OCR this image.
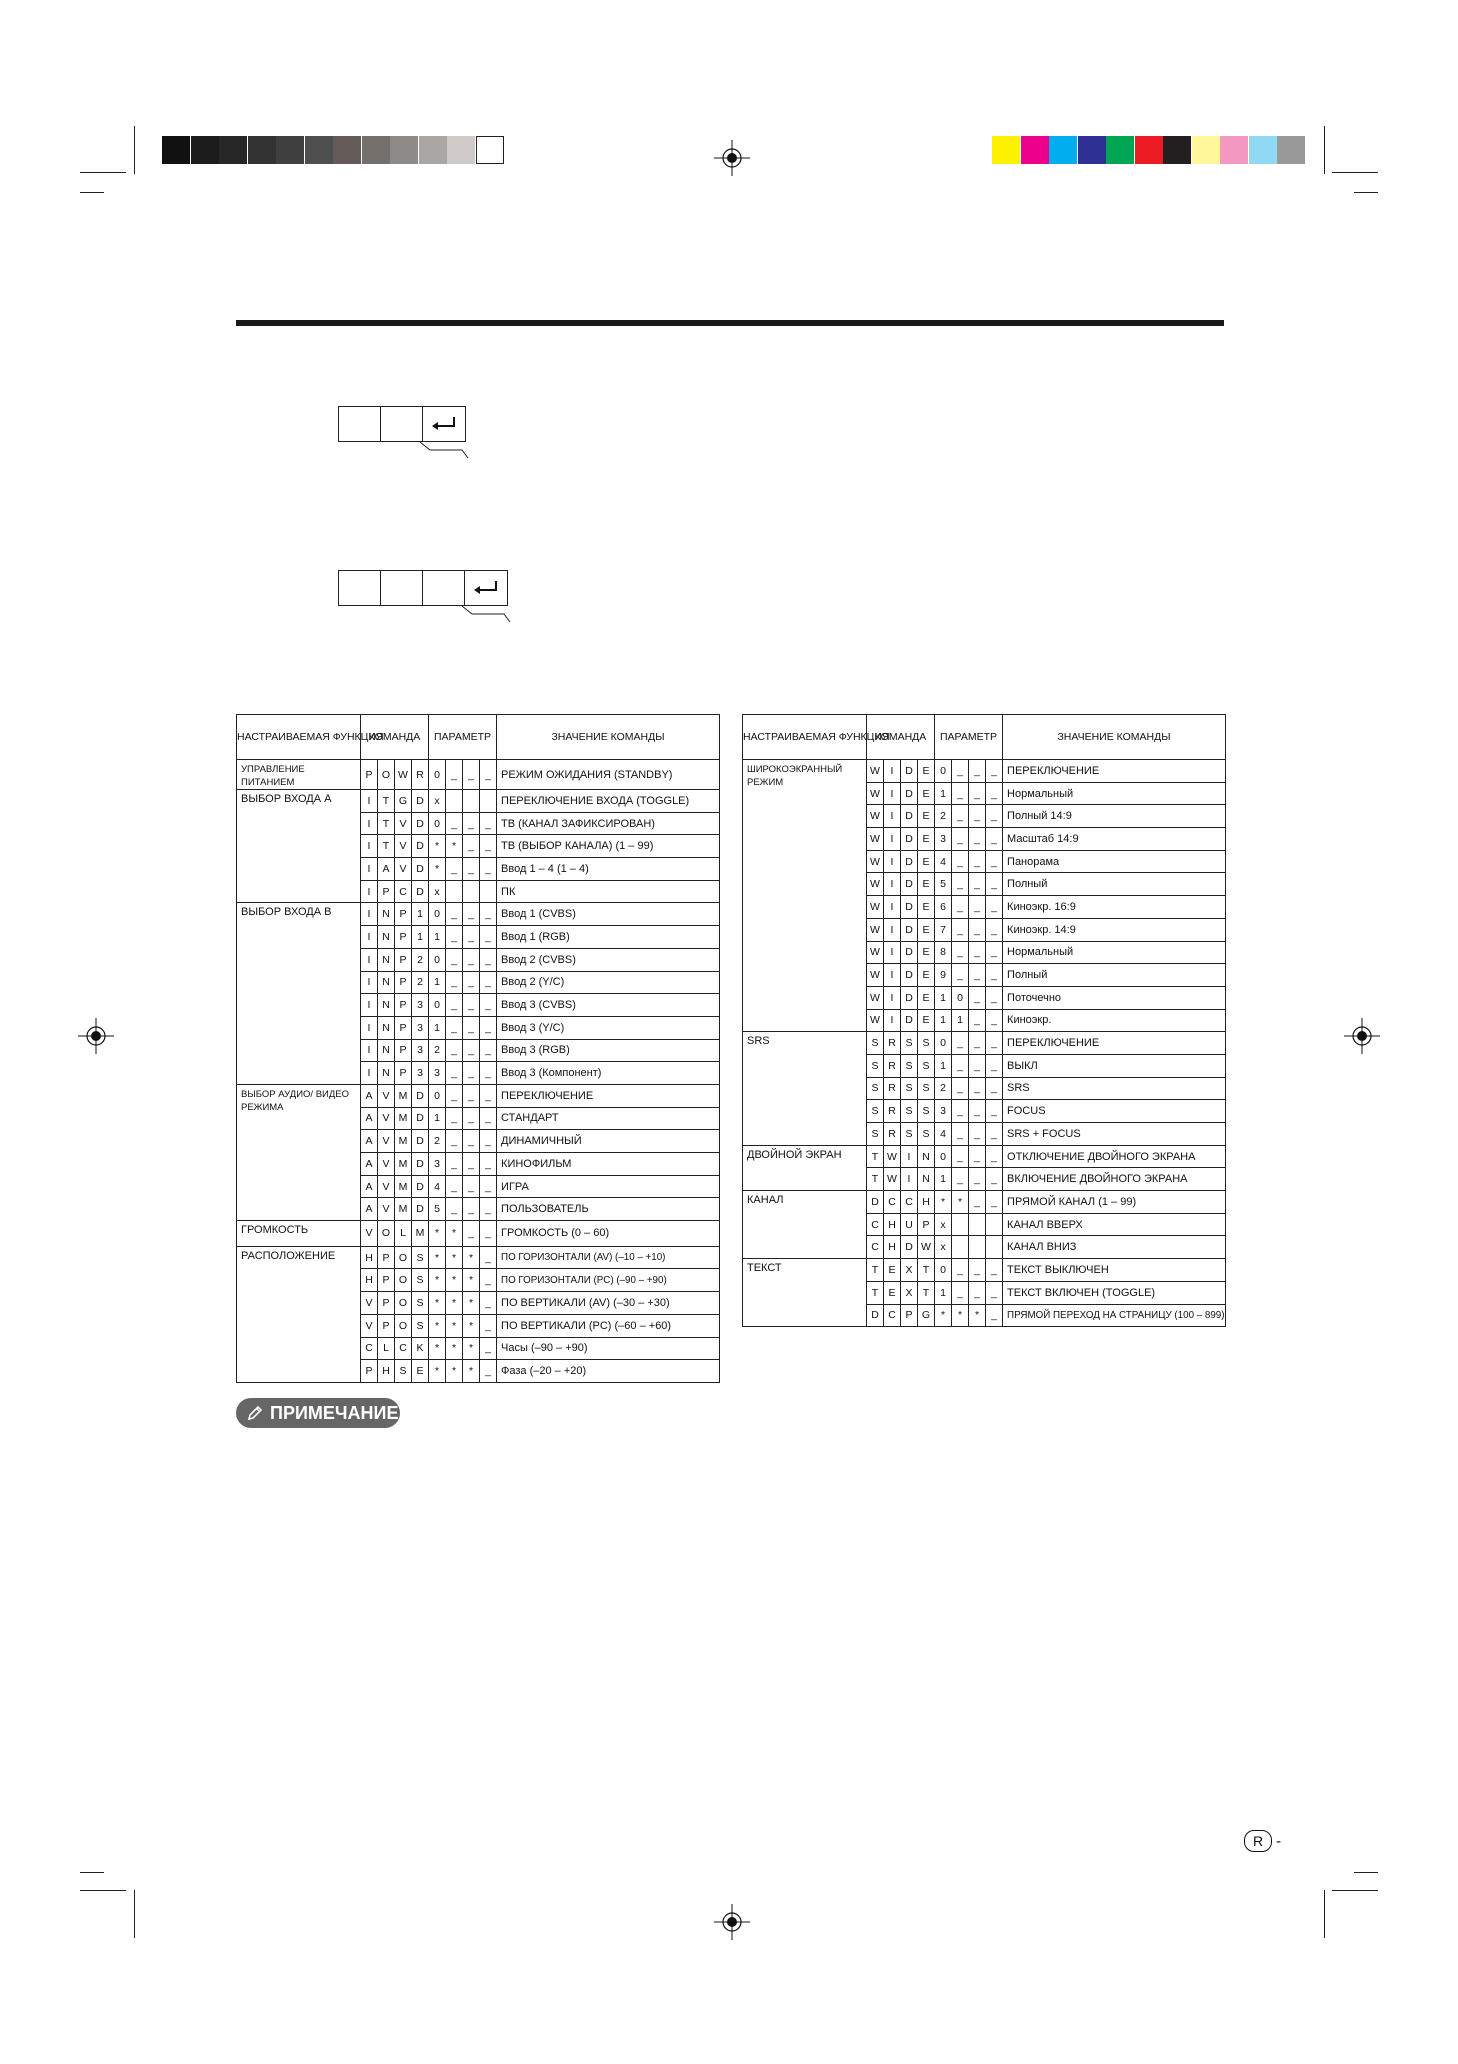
НАСТРАИВАЕМАЯ ФУНКЦИЯ	КОМАНДА				ПАРАМЕТР				ЗНАЧЕНИЕ КОМАНДЫ
УПРАВЛЕНИЕ ПИТАНИЕМ	P	O	W	R	0	_	_	_	РЕЖИМ ОЖИДАНИЯ (STANDBY)
ВЫБОР ВХОДА A	I	T	G	D	x				ПЕРЕКЛЮЧЕНИЕ ВХОДА (TOGGLE)
	I	T	V	D	0	_	_	_	ТВ (КАНАЛ ЗАФИКСИРОВАН)
	I	T	V	D	*	*	_	_	ТВ (ВЫБОР КАНАЛА) (1 – 99)
	I	A	V	D	*	_	_	_	Ввод 1 – 4 (1 – 4)
	I	P	C	D	x				ПК
ВЫБОР ВХОДА B	I	N	P	1	0	_	_	_	Ввод 1 (CVBS)
	I	N	P	1	1	_	_	_	Ввод 1 (RGB)
	I	N	P	2	0	_	_	_	Ввод 2 (CVBS)
	I	N	P	2	1	_	_	_	Ввод 2 (Y/C)
	I	N	P	3	0	_	_	_	Ввод 3 (CVBS)
	I	N	P	3	1	_	_	_	Ввод 3 (Y/C)
	I	N	P	3	2	_	_	_	Ввод 3 (RGB)
	I	N	P	3	3	_	_	_	Ввод 3 (Компонент)
ВЫБОР АУДИО/ ВИДЕО РЕЖИМА	A	V	M	D	0	_	_	_	ПЕРЕКЛЮЧЕНИЕ
	A	V	M	D	1	_	_	_	СТАНДАРТ
	A	V	M	D	2	_	_	_	ДИНАМИЧНЫЙ
	A	V	M	D	3	_	_	_	КИНОФИЛЬМ
	A	V	M	D	4	_	_	_	ИГРА
	A	V	M	D	5	_	_	_	ПОЛЬЗОВАТЕЛЬ
ГРОМКОСТЬ	V	O	L	M	*	*	_	_	ГРОМКОСТЬ (0 – 60)
РАСПОЛОЖЕНИЕ	H	P	O	S	*	*	*	_	ПО ГОРИЗОНТАЛИ (AV) (–10 – +10)
	H	P	O	S	*	*	*	_	ПО ГОРИЗОНТАЛИ (PC) (–90 – +90)
	V	P	O	S	*	*	*	_	ПО ВЕРТИКАЛИ (AV) (–30 – +30)
	V	P	O	S	*	*	*	_	ПО ВЕРТИКАЛИ (PC) (–60 – +60)
	C	L	C	K	*	*	*	_	Часы (–90 – +90)
	P	H	S	E	*	*	*	_	Фаза (–20 – +20)
НАСТРАИВАЕМАЯ ФУНКЦИЯ	КОМАНДА				ПАРАМЕТР				ЗНАЧЕНИЕ КОМАНДЫ
ШИРОКОЭКРАННЫЙ РЕЖИМ	W	I	D	E	0	_	_	_	ПЕРЕКЛЮЧЕНИЕ
	W	I	D	E	1	_	_	_	Нормальный
	W	I	D	E	2	_	_	_	Полный 14:9
	W	I	D	E	3	_	_	_	Масштаб 14:9
	W	I	D	E	4	_	_	_	Панорама
	W	I	D	E	5	_	_	_	Полный
	W	I	D	E	6	_	_	_	Киноэкр. 16:9
	W	I	D	E	7	_	_	_	Киноэкр. 14:9
	W	I	D	E	8	_	_	_	Нормальный
	W	I	D	E	9	_	_	_	Полный
	W	I	D	E	1	0	_	_	Поточечно
	W	I	D	E	1	1	_	_	Киноэкр.
SRS	S	R	S	S	0	_	_	_	ПЕРЕКЛЮЧЕНИЕ
	S	R	S	S	1	_	_	_	ВЫКЛ
	S	R	S	S	2	_	_	_	SRS
	S	R	S	S	3	_	_	_	FOCUS
	S	R	S	S	4	_	_	_	SRS + FOCUS
ДВОЙНОЙ ЭКРАН	T	W	I	N	0	_	_	_	ОТКЛЮЧЕНИЕ ДВОЙНОГО ЭКРАНА
	T	W	I	N	1	_	_	_	ВКЛЮЧЕНИЕ ДВОЙНОГО ЭКРАНА
КАНАЛ	D	C	C	H	*	*	_	_	ПРЯМОЙ КАНАЛ (1 – 99)
	C	H	U	P	x				КАНАЛ ВВЕРХ
	C	H	D	W	x				КАНАЛ ВНИЗ
ТЕКСТ	T	E	X	T	0	_	_	_	ТЕКСТ ВЫКЛЮЧЕН
	T	E	X	T	1	_	_	_	ТЕКСТ ВКЛЮЧЕН (TOGGLE)
	D	C	P	G	*	*	*	_	ПРЯМОЙ ПЕРЕХОД НА СТРАНИЦУ (100 – 899)
ПРИМЕЧАНИЕ
R -
